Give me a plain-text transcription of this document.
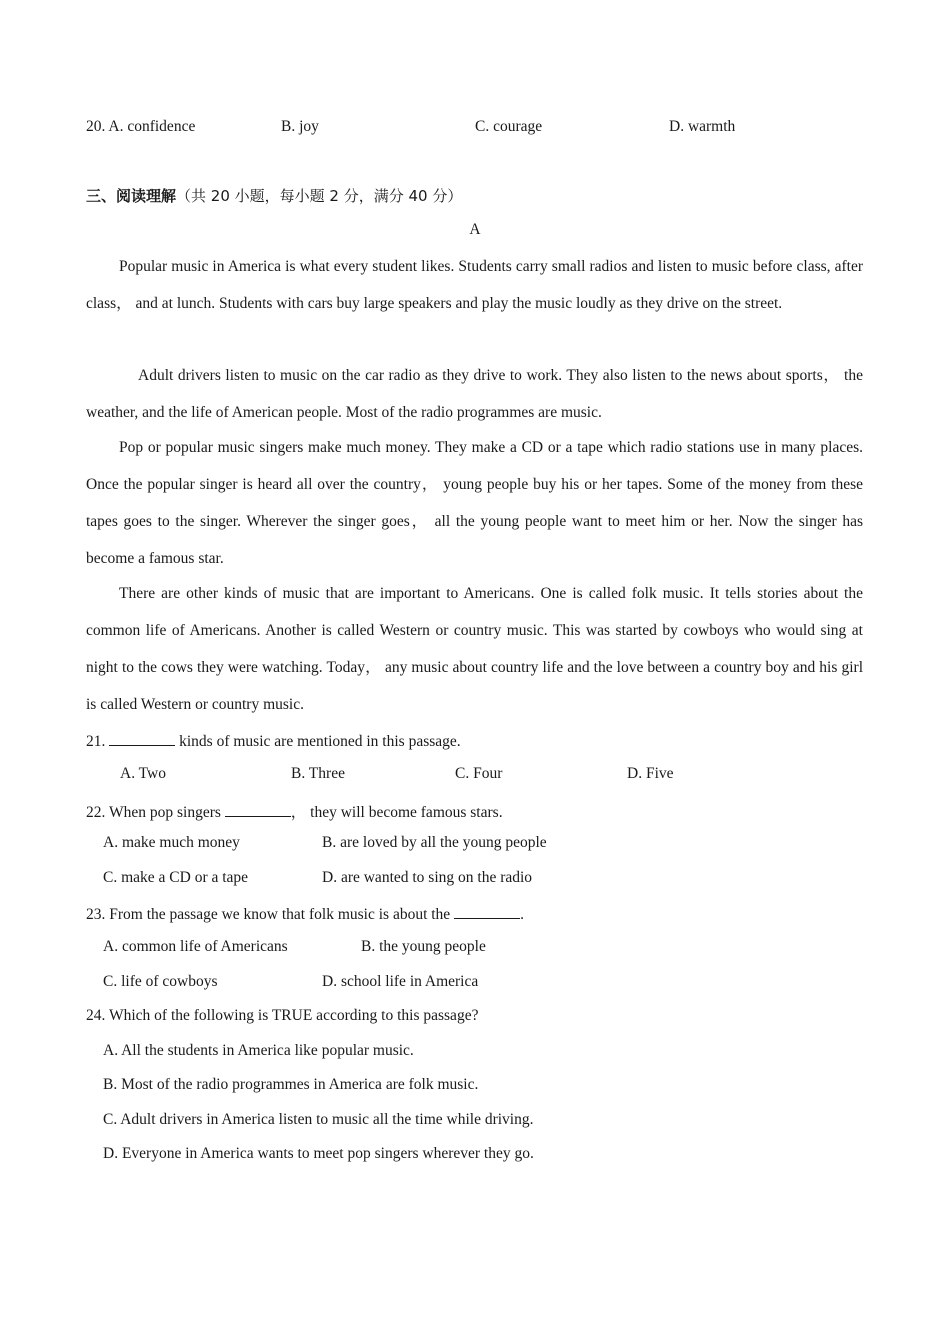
20. A. confidence	B. joy	C. courage	D. warmth
三、阅读理解（共 20 小题，每小题 2 分，满分 40 分）
A

Popular music in America is what every student likes. Students carry small radios and listen to music before class, after class， and at lunch. Students with cars buy large speakers and play the music loudly as they drive on the street.

Adult drivers listen to music on the car radio as they drive to work. They also listen to the news about sports， the weather, and the life of American people. Most of the radio programmes are music.

Pop or popular music singers make much money. They make a CD or a tape which radio stations use in many places. Once the popular singer is heard all over the country， young people buy his or her tapes. Some of the money from these tapes goes to the singer. Wherever the singer goes， all the young people want to meet him or her. Now the singer has become a famous star.

There are other kinds of music that are important to Americans. One is called folk music. It tells stories about the common life of Americans. Another is called Western or country music. This was started by cowboys who would sing at night to the cows they were watching. Today， any music about country life and the love between a country boy and his girl is called Western or country music.

21.	kinds of music are mentioned in this passage.
A. Two	B. Three	C. Four	D. Five
22. When pop singers	， they will become famous stars.
A. make much money	B. are loved by all the young people
C. make a CD or a tape	D. are wanted to sing on the radio
23. From the passage we know that folk music is about the	.
A. common life of Americans	B. the young people
C. life of cowboys	D. school life in America
24. Which of the following is TRUE according to this passage?
A. All the students in America like popular music.
B. Most of the radio programmes in America are folk music.
C. Adult drivers in America listen to music all the time while driving.
D. Everyone in America wants to meet pop singers wherever they go.
